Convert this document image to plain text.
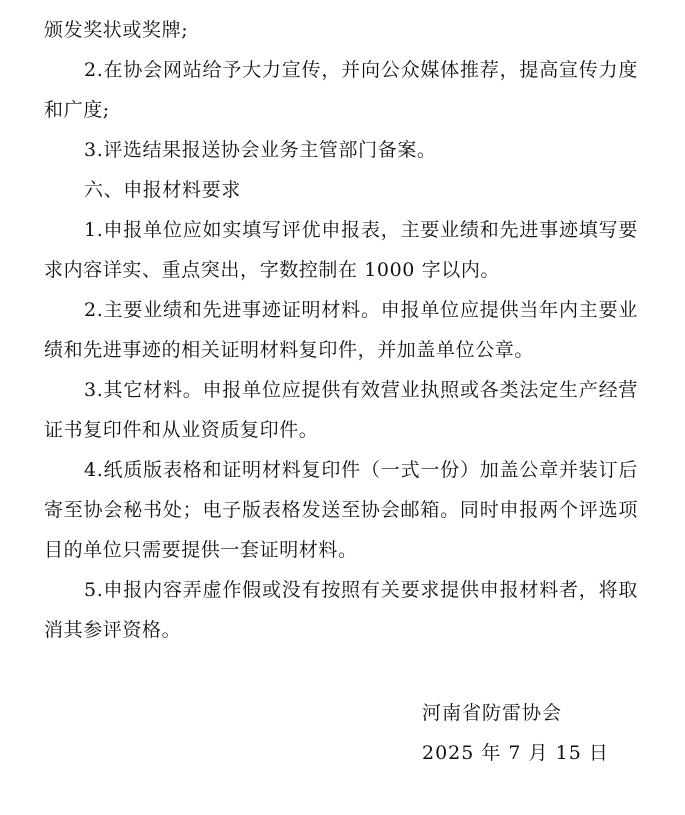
颁发奖状或奖牌;

2.在协会网站给予大力宣传，并向公众媒体推荐，提高宣传力度和广度;

3.评选结果报送协会业务主管部门备案。

六、申报材料要求

1.申报单位应如实填写评优申报表，主要业绩和先进事迹填写要求内容详实、重点突出，字数控制在 1000 字以内。

2.主要业绩和先进事迹证明材料。申报单位应提供当年内主要业绩和先进事迹的相关证明材料复印件，并加盖单位公章。

3.其它材料。申报单位应提供有效营业执照或各类法定生产经营证书复印件和从业资质复印件。

4.纸质版表格和证明材料复印件（一式一份）加盖公章并装订后寄至协会秘书处；电子版表格发送至协会邮箱。同时申报两个评选项目的单位只需要提供一套证明材料。

5.申报内容弄虚作假或没有按照有关要求提供申报材料者，将取消其参评资格。

河南省防雷协会

2025 年 7 月 15 日
